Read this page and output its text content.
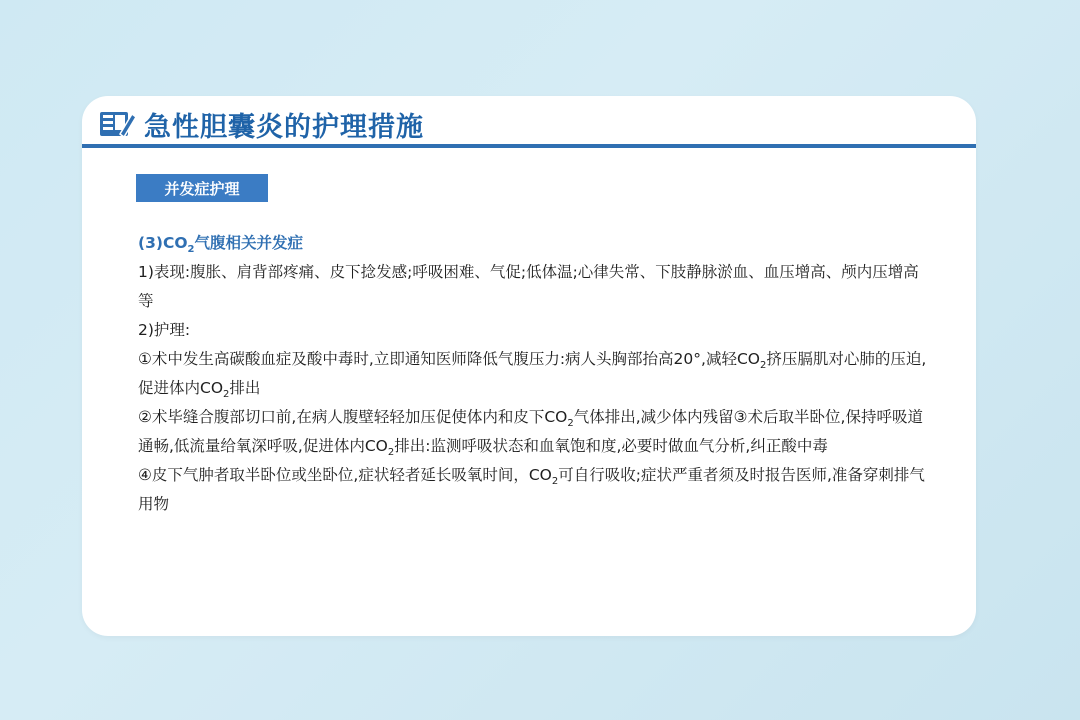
急性胆囊炎的护理措施
并发症护理

$(3)CO_2$气腹相关并发症

1)表现:腹胀、肩背部疼痛、皮下捻发感;呼吸困难、气促;低体温;心律失常、下肢静脉淤血、血压增高、颅内压增高等

2)护理:

①术中发生高碳酸血症及酸中毒时,立即通知医师降低气腹压力:病人头胸部抬高20°,减轻$CO_2$挤压膈肌对心肺的压迫,促进体内$CO_2$排出

②术毕缝合腹部切口前,在病人腹壁轻轻加压促使体内和皮下$CO_2$气体排出,减少体内残留③术后取半卧位,保持呼吸道通畅,低流量给氧深呼吸,促进体内$CO_2$排出:监测呼吸状态和血氧饱和度,必要时做血气分析,纠正酸中毒

④皮下气肿者取半卧位或坐卧位,症状轻者延长吸氧时间，$CO_2$可自行吸收;症状严重者须及时报告医师,准备穿刺排气用物
